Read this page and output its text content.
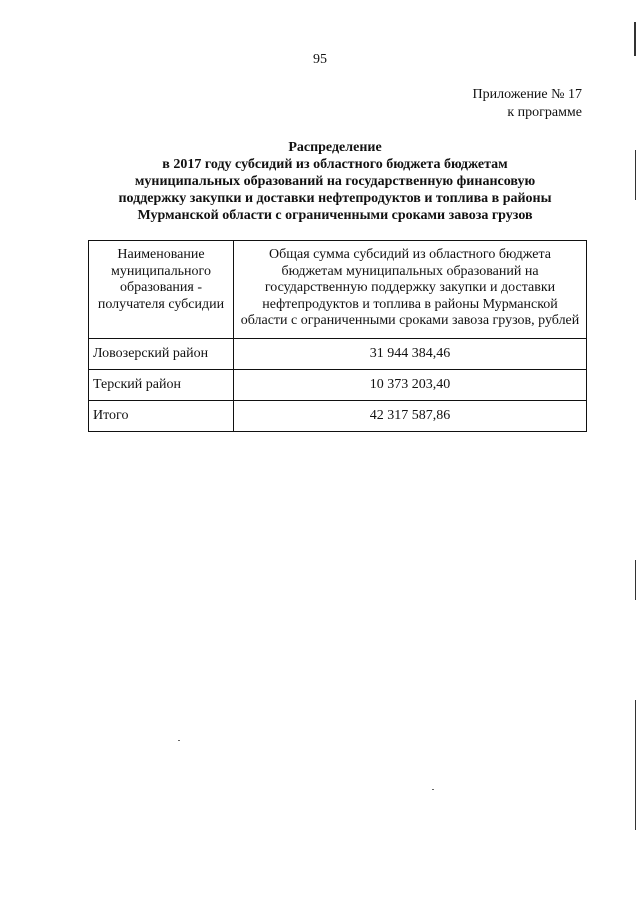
95
Приложение № 17
к программе
Распределение
в 2017 году субсидий из областного бюджета бюджетам
муниципальных образований на государственную финансовую
поддержку закупки и доставки нефтепродуктов и топлива в районы
Мурманской области с ограниченными сроками завоза грузов
Наименование муниципального образования - получателя субсидии	Общая сумма субсидий из областного бюджета бюджетам муниципальных образований на государственную поддержку закупки и доставки нефтепродуктов и топлива в районы Мурманской области с ограниченными сроками завоза грузов, рублей
Ловозерский район	31 944 384,46
Терский район	10 373 203,40
Итого	42 317 587,86
